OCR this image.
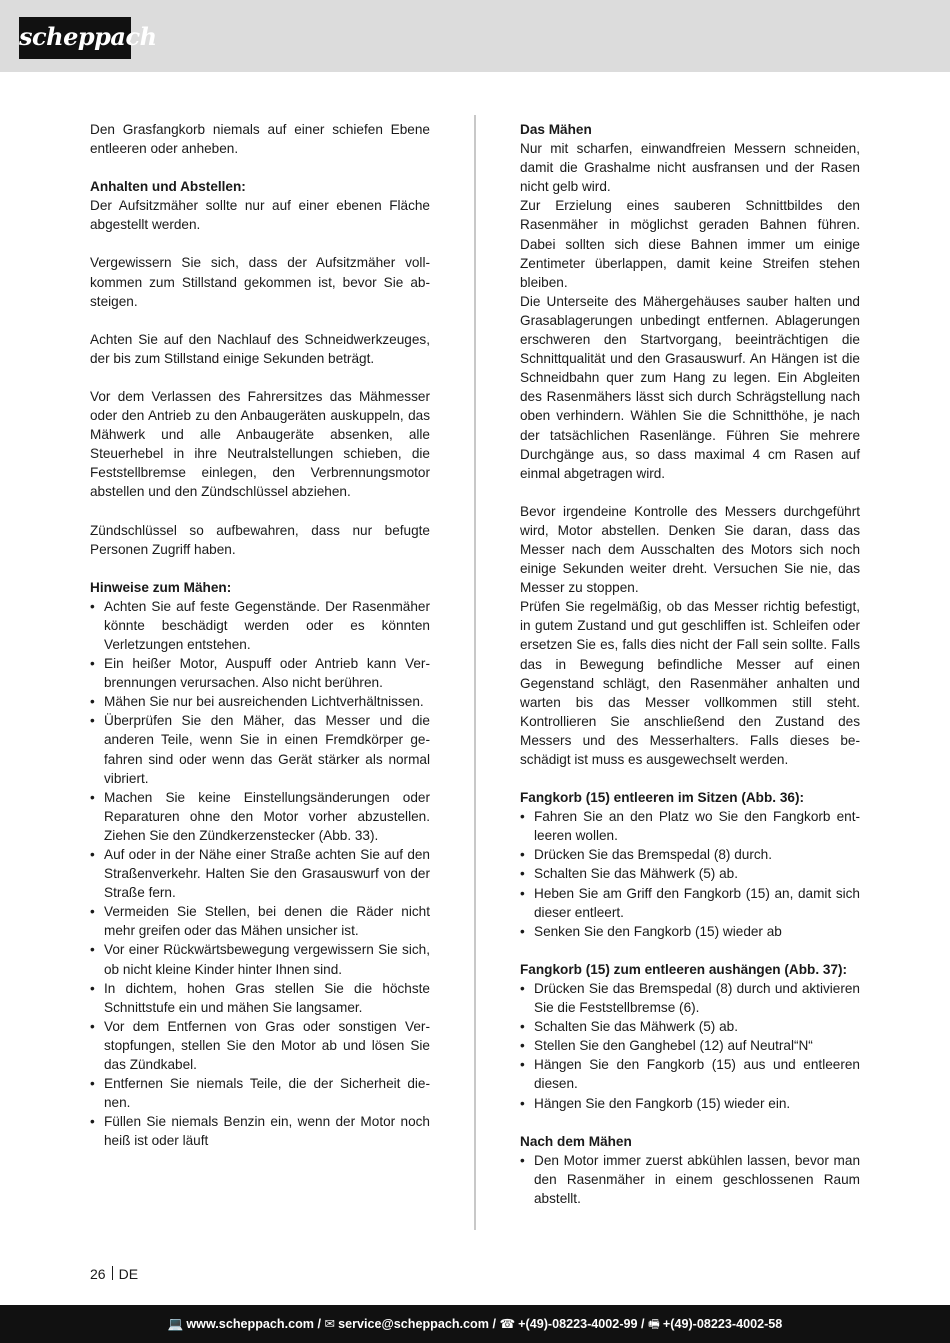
scheppach

Den Grasfangkorb niemals auf einer schiefen Ebene entleeren oder anheben.

Anhalten und Abstellen:

Der Aufsitzmäher sollte nur auf einer ebenen Fläche abgestellt werden.

Vergewissern Sie sich, dass der Aufsitzmäher vollkommen zum Stillstand gekommen ist, bevor Sie absteigen.

Achten Sie auf den Nachlauf des Schneidwerkzeuges, der bis zum Stillstand einige Sekunden beträgt.

Vor dem Verlassen des Fahrersitzes das Mähmesser oder den Antrieb zu den Anbaugeräten auskuppeln, das Mähwerk und alle Anbaugeräte absenken, alle Steuerhebel in ihre Neutralstellungen schieben, die Feststellbremse einlegen, den Verbrennungsmotor abstellen und den Zündschlüssel abziehen.

Zündschlüssel so aufbewahren, dass nur befugte Personen Zugriff haben.

Hinweise zum Mähen:
• Achten Sie auf feste Gegenstände. Der Rasenmäher könnte beschädigt werden oder es könnten Verletzungen entstehen.
• Ein heißer Motor, Auspuff oder Antrieb kann Verbrennungen verursachen. Also nicht berühren.
• Mähen Sie nur bei ausreichenden Lichtverhältnissen.
• Überprüfen Sie den Mäher, das Messer und die anderen Teile, wenn Sie in einen Fremdkörper gefahren sind oder wenn das Gerät stärker als normal vibriert.
• Machen Sie keine Einstellungsänderungen oder Reparaturen ohne den Motor vorher abzustellen. Ziehen Sie den Zündkerzenstecker (Abb. 33).
• Auf oder in der Nähe einer Straße achten Sie auf den Straßenverkehr. Halten Sie den Grasauswurf von der Straße fern.
• Vermeiden Sie Stellen, bei denen die Räder nicht mehr greifen oder das Mähen unsicher ist.
• Vor einer Rückwärtsbewegung vergewissern Sie sich, ob nicht kleine Kinder hinter Ihnen sind.
• In dichtem, hohen Gras stellen Sie die höchste Schnittstufe ein und mähen Sie langsamer.
• Vor dem Entfernen von Gras oder sonstigen Verstopfungen, stellen Sie den Motor ab und lösen Sie das Zündkabel.
• Entfernen Sie niemals Teile, die der Sicherheit dienen.
• Füllen Sie niemals Benzin ein, wenn der Motor noch heiß ist oder läuft
Das Mähen

Nur mit scharfen, einwandfreien Messern schneiden, damit die Grashalme nicht ausfransen und der Rasen nicht gelb wird.

Zur Erzielung eines sauberen Schnittbildes den Rasenmäher in möglichst geraden Bahnen führen. Dabei sollten sich diese Bahnen immer um einige Zentimeter überlappen, damit keine Streifen stehen bleiben.

Die Unterseite des Mähergehäuses sauber halten und Grasablagerungen unbedingt entfernen. Ablagerungen erschweren den Startvorgang, beeinträchtigen die Schnittqualität und den Grasauswurf. An Hängen ist die Schneidbahn quer zum Hang zu legen. Ein Abgleiten des Rasenmähers lässt sich durch Schrägstellung nach oben verhindern. Wählen Sie die Schnitthöhe, je nach der tatsächlichen Rasenlänge. Führen Sie mehrere Durchgänge aus, so dass maximal 4 cm Rasen auf einmal abgetragen wird.

Bevor irgendeine Kontrolle des Messers durchgeführt wird, Motor abstellen. Denken Sie daran, dass das Messer nach dem Ausschalten des Motors sich noch einige Sekunden weiter dreht. Versuchen Sie nie, das Messer zu stoppen.

Prüfen Sie regelmäßig, ob das Messer richtig befestigt, in gutem Zustand und gut geschliffen ist. Schleifen oder ersetzen Sie es, falls dies nicht der Fall sein sollte. Falls das in Bewegung befindliche Messer auf einen Gegenstand schlägt, den Rasenmäher anhalten und warten bis das Messer vollkommen still steht. Kontrollieren Sie anschließend den Zustand des Messers und des Messerhalters. Falls dieses beschädigt ist muss es ausgewechselt werden.

Fangkorb (15) entleeren im Sitzen (Abb. 36):
• Fahren Sie an den Platz wo Sie den Fangkorb entleeren wollen.
• Drücken Sie das Bremspedal (8) durch.
• Schalten Sie das Mähwerk (5) ab.
• Heben Sie am Griff den Fangkorb (15) an, damit sich dieser entleert.
• Senken Sie den Fangkorb (15) wieder ab
Fangkorb (15) zum entleeren aushängen (Abb. 37):
• Drücken Sie das Bremspedal (8) durch und aktivieren Sie die Feststellbremse (6).
• Schalten Sie das Mähwerk (5) ab.
• Stellen Sie den Ganghebel (12) auf Neutral“N“
• Hängen Sie den Fangkorb (15) aus und entleeren diesen.
• Hängen Sie den Fangkorb (15) wieder ein.
Nach dem Mähen
• Den Motor immer zuerst abkühlen lassen, bevor man den Rasenmäher in einem geschlossenen Raum abstellt.
26 DE
💻 www.scheppach.com / ✉ service@scheppach.com / ☎ +(49)-08223-4002-99 / 🖷 +(49)-08223-4002-58
